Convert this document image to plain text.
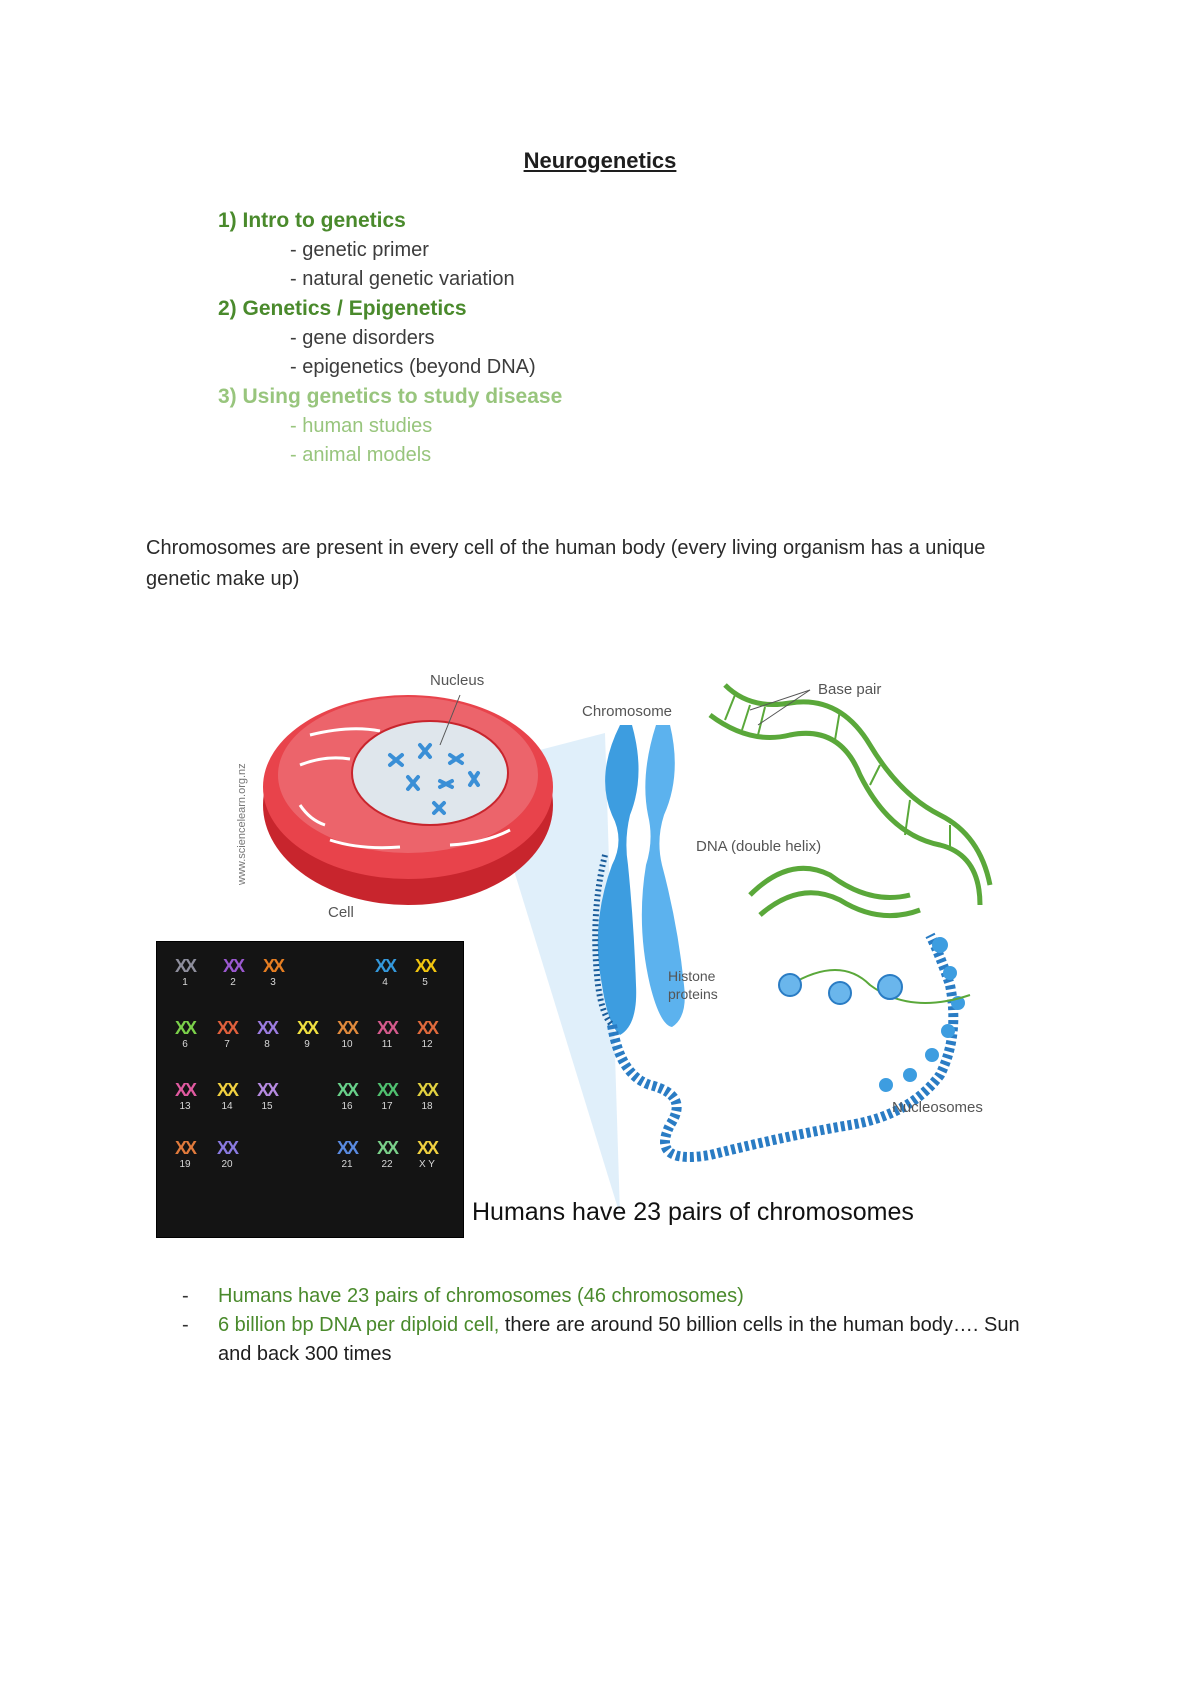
Neurogenetics
1) Intro to genetics
- genetic primer
- natural genetic variation
2) Genetics / Epigenetics
- gene disorders
- epigenetics (beyond DNA)
3) Using genetics to study disease
- human studies
- animal models
Chromosomes are present in every cell of the human body (every living organism has a unique genetic make up)
Nucleus
Cell
Chromosome
Nucleosomes
Base pair
DNA (double helix)
Histone
proteins
www.sciencelearn.org.nz
XX
1
XX
2
XX
3
XX
4
XX
5
XX
6
XX
7
XX
8
XX
9
XX
10
XX
11
XX
12
XX
13
XX
14
XX
15
XX
16
XX
17
XX
18
XX
19
XX
20
XX
21
XX
22
XX
X Y
Humans have 23 pairs of chromosomes
- Humans have 23 pairs of chromosomes (46 chromosomes)
- 6 billion bp DNA per diploid cell, there are around 50 billion cells in the human body…. Sun and back 300 times
